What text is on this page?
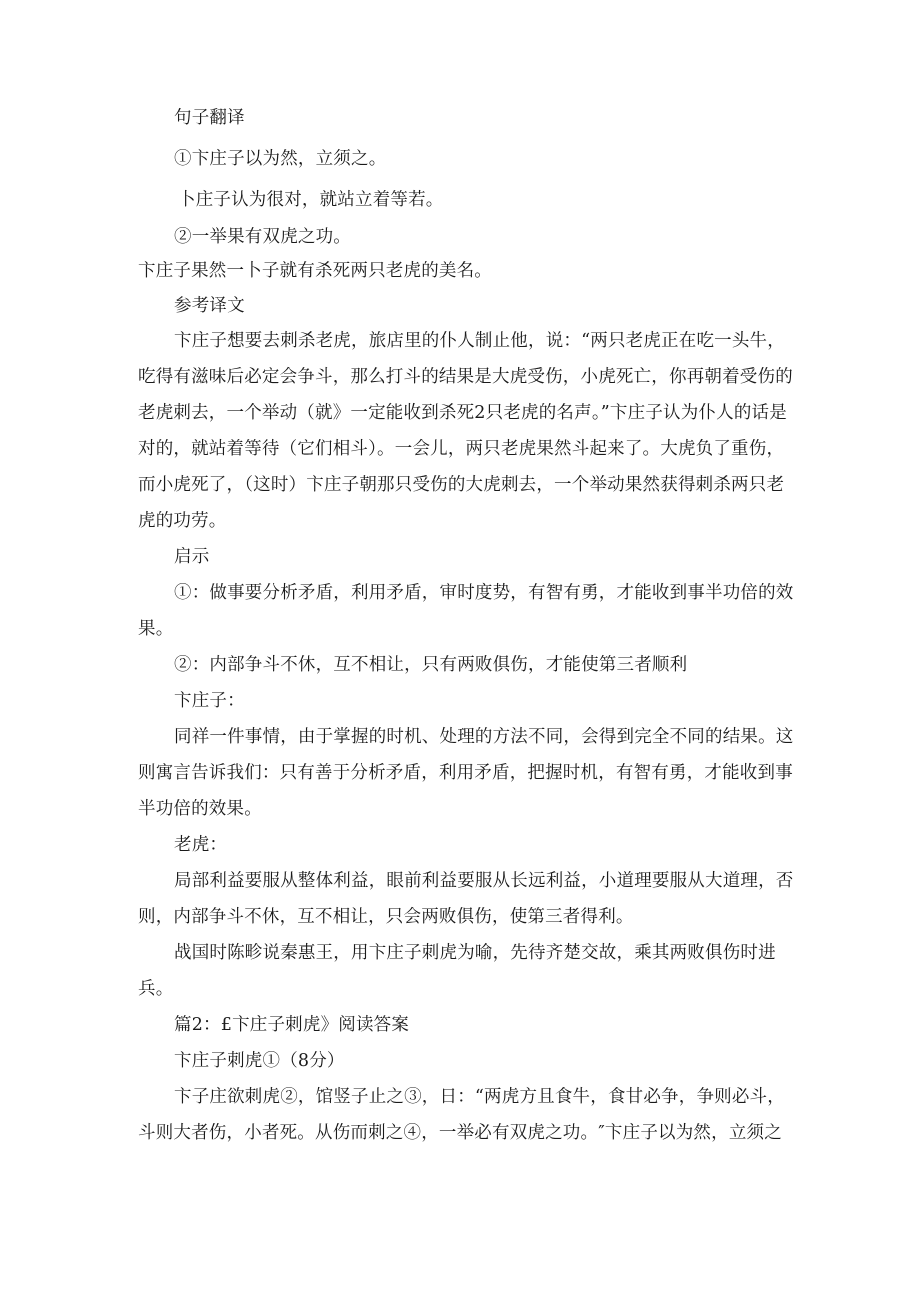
句子翻译
①卞庄子以为然，立须之。
卜庄子认为很对，就站立着等若。
②一举果有双虎之功。
卞庄子果然一卜子就有杀死两只老虎的美名。
参考译文
卞庄子想要去刺杀老虎，旅店里的仆人制止他，说：“两只老虎正在吃一头牛，
吃得有滋味后必定会争斗，那么打斗的结果是大虎受伤，小虎死亡，你再朝着受伤的
老虎刺去，一个举动（就》一定能收到杀死2只老虎的名声。”卞庄子认为仆人的话是
对的，就站着等待（它们相斗）。一会儿，两只老虎果然斗起来了。大虎负了重伤，
而小虎死了，（这时）卞庄子朝那只受伤的大虎刺去，一个举动果然获得刺杀两只老
虎的功劳。
启示
①：做事要分析矛盾，利用矛盾，审时度势，有智有勇，才能收到事半功倍的效
果。
②：内部争斗不休，互不相让，只有两败俱伤，才能使第三者顺利
卞庄子：
同祥一件事情，由于掌握的时机、处理的方法不同，会得到完全不同的结果。这
则寓言告诉我们：只有善于分析矛盾，利用矛盾，把握时机，有智有勇，才能收到事
半功倍的效果。
老虎：
局部利益要服从整体利益，眼前利益要服从长远利益，小道理要服从大道理，否
则，内部争斗不休，互不相让，只会两败俱伤，使第三者得利。
战国时陈畛说秦惠王，用卞庄子刺虎为喻，先待齐楚交故，乘其两败俱伤时进
兵。
篇2：£卞庄子刺虎》阅读答案
卞庄子刺虎①（8分）
卞子庄欲刺虎②，馆竖子止之③，日：“两虎方且食牛，食甘必争，争则必斗，
斗则大者伤，小者死。从伤而刺之④，一举必有双虎之功。″卞庄子以为然，立须之
